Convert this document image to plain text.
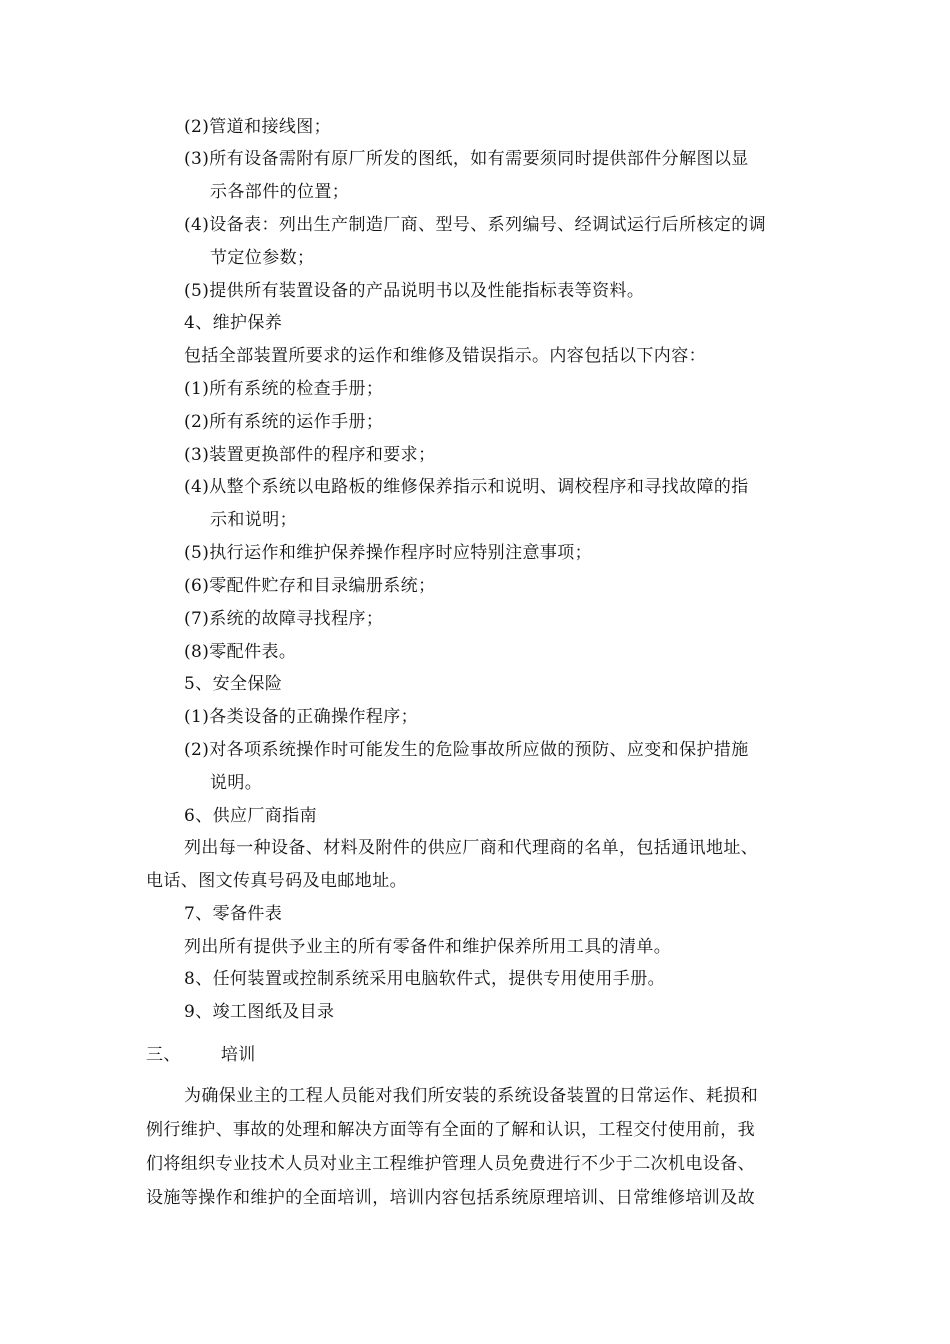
(2)管道和接线图；
(3)所有设备需附有原厂所发的图纸，如有需要须同时提供部件分解图以显
示各部件的位置；
(4)设备表：列出生产制造厂商、型号、系列编号、经调试运行后所核定的调
节定位参数；
(5)提供所有装置设备的产品说明书以及性能指标表等资料。
4、维护保养
包括全部装置所要求的运作和维修及错误指示。内容包括以下内容：
(1)所有系统的检查手册；
(2)所有系统的运作手册；
(3)装置更换部件的程序和要求；
(4)从整个系统以电路板的维修保养指示和说明、调校程序和寻找故障的指
示和说明；
(5)执行运作和维护保养操作程序时应特别注意事项；
(6)零配件贮存和目录编册系统；
(7)系统的故障寻找程序；
(8)零配件表。
5、安全保险
(1)各类设备的正确操作程序；
(2)对各项系统操作时可能发生的危险事故所应做的预防、应变和保护措施
说明。
6、供应厂商指南
列出每一种设备、材料及附件的供应厂商和代理商的名单，包括通讯地址、
电话、图文传真号码及电邮地址。
7、零备件表
列出所有提供予业主的所有零备件和维护保养所用工具的清单。
8、任何装置或控制系统采用电脑软件式，提供专用使用手册。
9、竣工图纸及目录
三、 培训
为确保业主的工程人员能对我们所安装的系统设备装置的日常运作、耗损和
例行维护、事故的处理和解决方面等有全面的了解和认识，工程交付使用前，我
们将组织专业技术人员对业主工程维护管理人员免费进行不少于二次机电设备、
设施等操作和维护的全面培训，培训内容包括系统原理培训、日常维修培训及故
